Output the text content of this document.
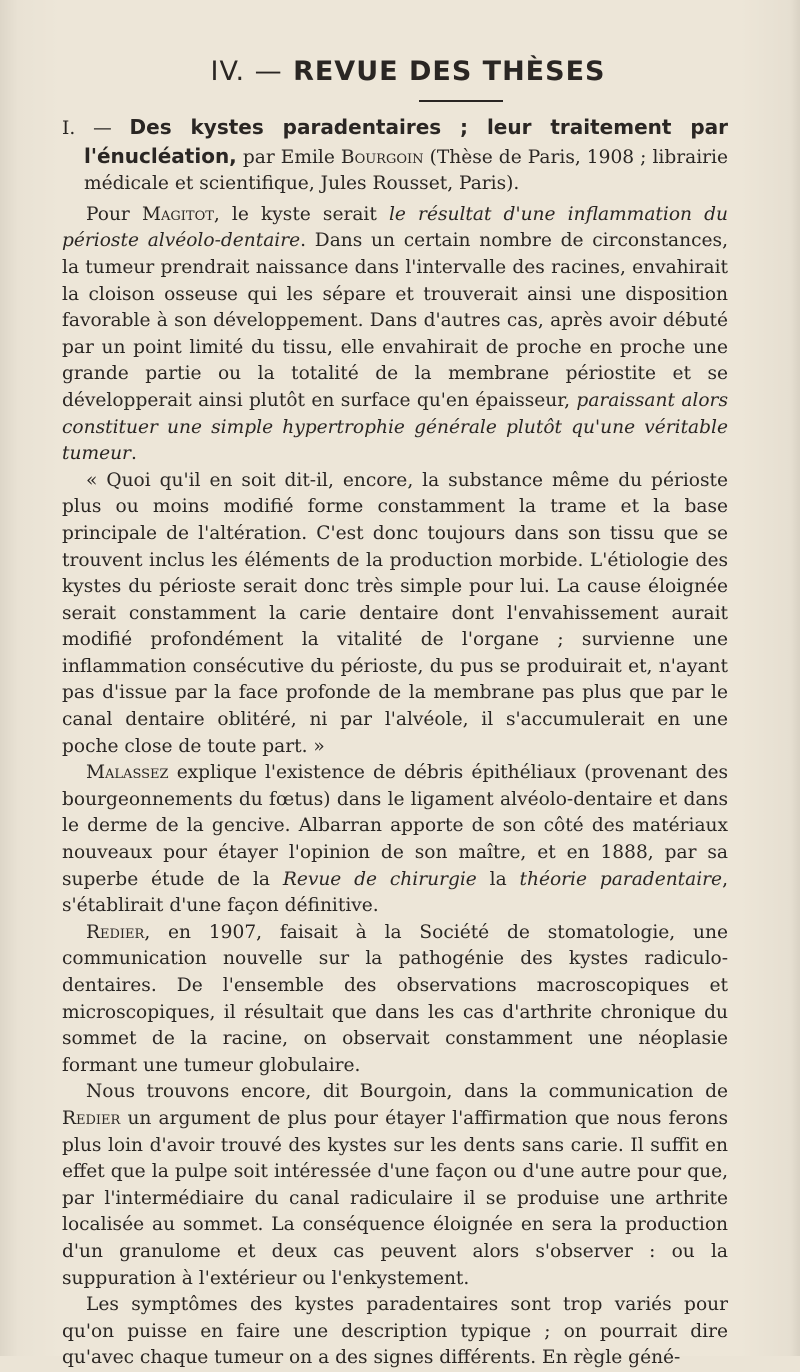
IV. — REVUE DES THÈSES
I. — Des kystes paradentaires ; leur traitement par l'énucléation, par Emile Bourgoin (Thèse de Paris, 1908 ; librairie médicale et scientifique, Jules Rousset, Paris).

Pour Magitot, le kyste serait le résultat d'une inflammation du périoste alvéolo-dentaire. Dans un certain nombre de circonstances, la tumeur prendrait naissance dans l'intervalle des racines, envahirait la cloison osseuse qui les sépare et trouverait ainsi une disposition favorable à son développement. Dans d'autres cas, après avoir débuté par un point limité du tissu, elle envahirait de proche en proche une grande partie ou la totalité de la membrane périostite et se développerait ainsi plutôt en surface qu'en épaisseur, paraissant alors constituer une simple hypertrophie générale plutôt qu'une véritable tumeur.

« Quoi qu'il en soit dit-il, encore, la substance même du périoste plus ou moins modifié forme constamment la trame et la base principale de l'altération. C'est donc toujours dans son tissu que se trouvent inclus les éléments de la production morbide. L'étiologie des kystes du périoste serait donc très simple pour lui. La cause éloignée serait constamment la carie dentaire dont l'envahissement aurait modifié profondément la vitalité de l'organe ; survienne une inflammation consécutive du périoste, du pus se produirait et, n'ayant pas d'issue par la face profonde de la membrane pas plus que par le canal dentaire oblitéré, ni par l'alvéole, il s'accumulerait en une poche close de toute part. »

Malassez explique l'existence de débris épithéliaux (provenant des bourgeonnements du fœtus) dans le ligament alvéolo-dentaire et dans le derme de la gencive. Albarran apporte de son côté des matériaux nouveaux pour étayer l'opinion de son maître, et en 1888, par sa superbe étude de la Revue de chirurgie la théorie paradentaire, s'établirait d'une façon définitive.

Redier, en 1907, faisait à la Société de stomatologie, une communication nouvelle sur la pathogénie des kystes radiculo-dentaires. De l'ensemble des observations macroscopiques et microscopiques, il résultait que dans les cas d'arthrite chronique du sommet de la racine, on observait constamment une néoplasie formant une tumeur globulaire.

Nous trouvons encore, dit Bourgoin, dans la communication de Redier un argument de plus pour étayer l'affirmation que nous ferons plus loin d'avoir trouvé des kystes sur les dents sans carie. Il suffit en effet que la pulpe soit intéressée d'une façon ou d'une autre pour que, par l'intermédiaire du canal radiculaire il se produise une arthrite localisée au sommet. La conséquence éloignée en sera la production d'un granulome et deux cas peuvent alors s'observer : ou la suppuration à l'extérieur ou l'enkystement.

Les symptômes des kystes paradentaires sont trop variés pour qu'on puisse en faire une description typique ; on pourrait dire qu'avec chaque tumeur on a des signes différents. En règle géné-
